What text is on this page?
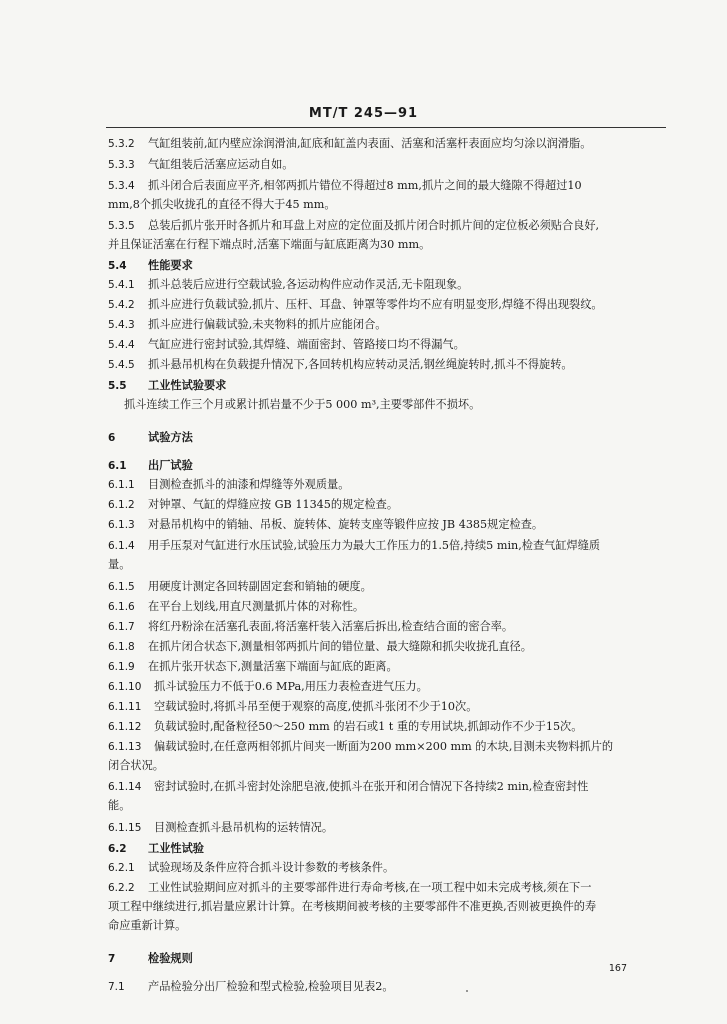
MT/T 245—91
5.3.2 气缸组装前,缸内壁应涂润滑油,缸底和缸盖内表面、活塞和活塞杆表面应均匀涂以润滑脂。
5.3.3 气缸组装后活塞应运动自如。
5.3.4 抓斗闭合后表面应平齐,相邻两抓片错位不得超过8 mm,抓片之间的最大缝隙不得超过10
mm,8个抓尖收拢孔的直径不得大于45 mm。
5.3.5 总装后抓片张开时各抓片和耳盘上对应的定位面及抓片闭合时抓片间的定位板必须贴合良好,
并且保证活塞在行程下端点时,活塞下端面与缸底距离为30 mm。
5.4 性能要求
5.4.1 抓斗总装后应进行空载试验,各运动构件应动作灵活,无卡阻现象。
5.4.2 抓斗应进行负载试验,抓片、压杆、耳盘、钟罩等零件均不应有明显变形,焊缝不得出现裂纹。
5.4.3 抓斗应进行偏载试验,未夹物料的抓片应能闭合。
5.4.4 气缸应进行密封试验,其焊缝、端面密封、管路接口均不得漏气。
5.4.5 抓斗悬吊机构在负载提升情况下,各回转机构应转动灵活,钢丝绳旋转时,抓斗不得旋转。
5.5 工业性试验要求
抓斗连续工作三个月或累计抓岩量不少于5 000 m³,主要零部件不损坏。
6	试验方法
6.1 出厂试验
6.1.1 目测检查抓斗的油漆和焊缝等外观质量。
6.1.2 对钟罩、气缸的焊缝应按 GB 11345的规定检查。
6.1.3 对悬吊机构中的销轴、吊板、旋转体、旋转支座等锻件应按 JB 4385规定检查。
6.1.4 用手压泵对气缸进行水压试验,试验压力为最大工作压力的1.5倍,持续5 min,检查气缸焊缝质
量。
6.1.5 用硬度计测定各回转副固定套和销轴的硬度。
6.1.6 在平台上划线,用直尺测量抓片体的对称性。
6.1.7 将红丹粉涂在活塞孔表面,将活塞杆装入活塞后拆出,检查结合面的密合率。
6.1.8 在抓片闭合状态下,测量相邻两抓片间的错位量、最大缝隙和抓尖收拢孔直径。
6.1.9 在抓片张开状态下,测量活塞下端面与缸底的距离。
6.1.10 抓斗试验压力不低于0.6 MPa,用压力表检查进气压力。
6.1.11 空载试验时,将抓斗吊至便于观察的高度,使抓斗张闭不少于10次。
6.1.12 负载试验时,配备粒径50～250 mm 的岩石或1 t 重的专用试块,抓卸动作不少于15次。
6.1.13 偏载试验时,在任意两相邻抓片间夹一断面为200 mm×200 mm 的木块,目测未夹物料抓片的
闭合状况。
6.1.14 密封试验时,在抓斗密封处涂肥皂液,使抓斗在张开和闭合情况下各持续2 min,检查密封性
能。
6.1.15 目测检查抓斗悬吊机构的运转情况。
6.2 工业性试验
6.2.1 试验现场及条件应符合抓斗设计参数的考核条件。
6.2.2 工业性试验期间应对抓斗的主要零部件进行寿命考核,在一项工程中如未完成考核,须在下一
项工程中继续进行,抓岩量应累计计算。在考核期间被考核的主要零部件不准更换,否则被更换件的寿
命应重新计算。
7	检验规则
7.1 产品检验分出厂检验和型式检验,检验项目见表2。
167
